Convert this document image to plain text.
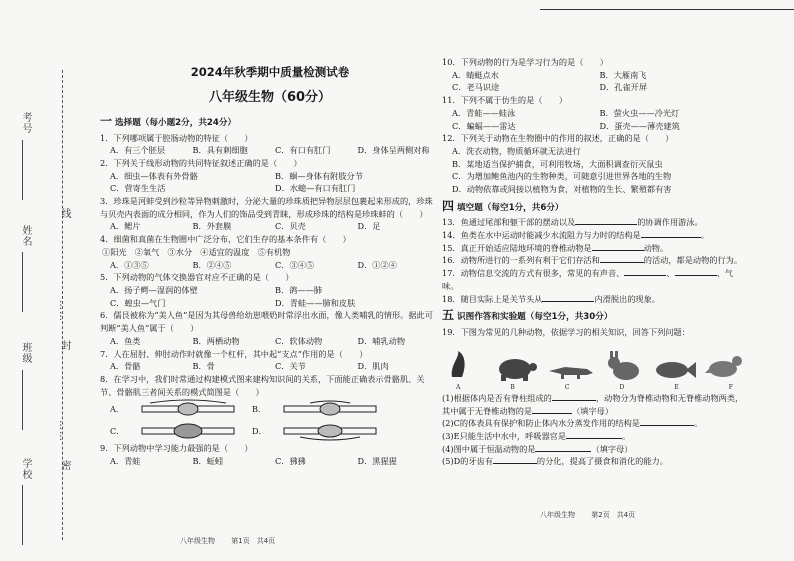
考号
姓名
班级
学校
线
……
封
……
密
2024年秋季期中质量检测试卷
八年级生物（60分）
一 选择题（每小题2分，共24分）
1．下列哪项属于腔肠动物的特征（　　）
A．有三个胚层	B．具有刺细胞	C．有口有肛门	D．身体呈两侧对称
2．下列关于线形动物的共同特征叙述正确的是（　　）
A．细虫—体表有外骨骼	B．蛔—身体有附肢分节
C．营寄生生活	D．水螅—有口有肛门
3．珍珠是河蚌受到沙粒等异物刺激时，分泌大量的珍珠质把异物层层包裹起来形成的，珍珠与贝壳内表面的成分相同，作为人们的饰品受到青睐，形成珍珠的结构是珍珠蚌的（　　）
A．鳃片	B．外套膜	C．贝壳	D．足
4．细菌和真菌在生物圈中广泛分布，它们生存的基本条件有（　　）
①阳光　②氧气　③水分　④适宜的温度　⑤有机物
A．①③⑤	B．②④⑤	C．③④⑤	D．①②④
5．下列动物的气体交换器官对应不正确的是（　　）
A．扬子鳄—湿润的体壁	B．鸽——肺
C．蝗虫—气门	D．青蛙——肺和皮肤
6．儒艮被称为“美人鱼”是因为其母兽给幼崽喂奶时常浮出水面，像人类哺乳的情形。据此可判断“美人鱼”属于（　　）
A．鱼类	B．两栖动物	C．软体动物	D．哺乳动物
7．人在屈肘、伸肘动作时就像一个杠杆，其中起“支点”作用的是（　　）
A．骨骼	B．骨	C．关节	D．肌肉
8．在学习中，我们时常通过构建模式图来建构知识间的关系，下面能正确表示骨骼肌、关节、骨骼肌三者间关系的模式简图是（　　）
A．	B．
C．	D．
9．下列动物中学习能力最强的是（　　）
A．青蛙	B．蚯蚓	C．狒狒	D．黑猩猩
10．下列动物的行为是学习行为的是（　　）
A．蜻蜓点水	B．大雁南飞
C．老马识途	D．孔雀开屏
11．下列不属于仿生的是（　　）
A．青蛙——蛙泳	B．萤火虫——冷光灯
C．蝙蝠——雷达	D．蛋壳——薄壳建筑
12．下列关于动物在生物圈中的作用的叙述，正确的是（　　）
A．洗衣动物，物质循环就无法进行
B．某地适当保护捕食，可利用牧场，大面积调查衍灭鼠虫
C．为增加鲍鱼池内的生物种类，可随意引进世界各地的生物
D．动物依靠或间接以植物为食，对植物的生长、繁殖都有害
四 填空题（每空1分，共6分）
13．鱼通过尾部和躯干部的摆动以及	的协调作用游泳。
14．鱼类在水中运动时能减少水流阻力与力时的结构是	。
15．真正开始适应陆地环境的脊椎动物是	动物。
16．动物所进行的一系列有利于它们存活和	的活动，都是动物的行为。
17．动物信息交流的方式有很多，常见的有声音、	、	、气味。
18．随目实际上是关节头从	内滑脱出的现象。
五 识图作答和实验题（每空1分，共30分）
19．下图为常见的几种动物，依据学习的相关知识，回答下列问题：
A	B	C	D	E	F
(1)根据体内是否有脊柱组成的	，动物分为脊椎动物和无脊椎动物两类，其中属于无脊椎动物的是	（填字母）
(2)C的体表具有保护和防止体内水分蒸发作用的结构是	。
(3)E只能生活中水中，呼吸器官是	。
(4)图中属于恒温动物的是	（填字母）
(5)D的牙齿有	的分化，提高了摄食和消化的能力。
八年级生物 第1页　共4页
八年级生物 第2页　共4页
